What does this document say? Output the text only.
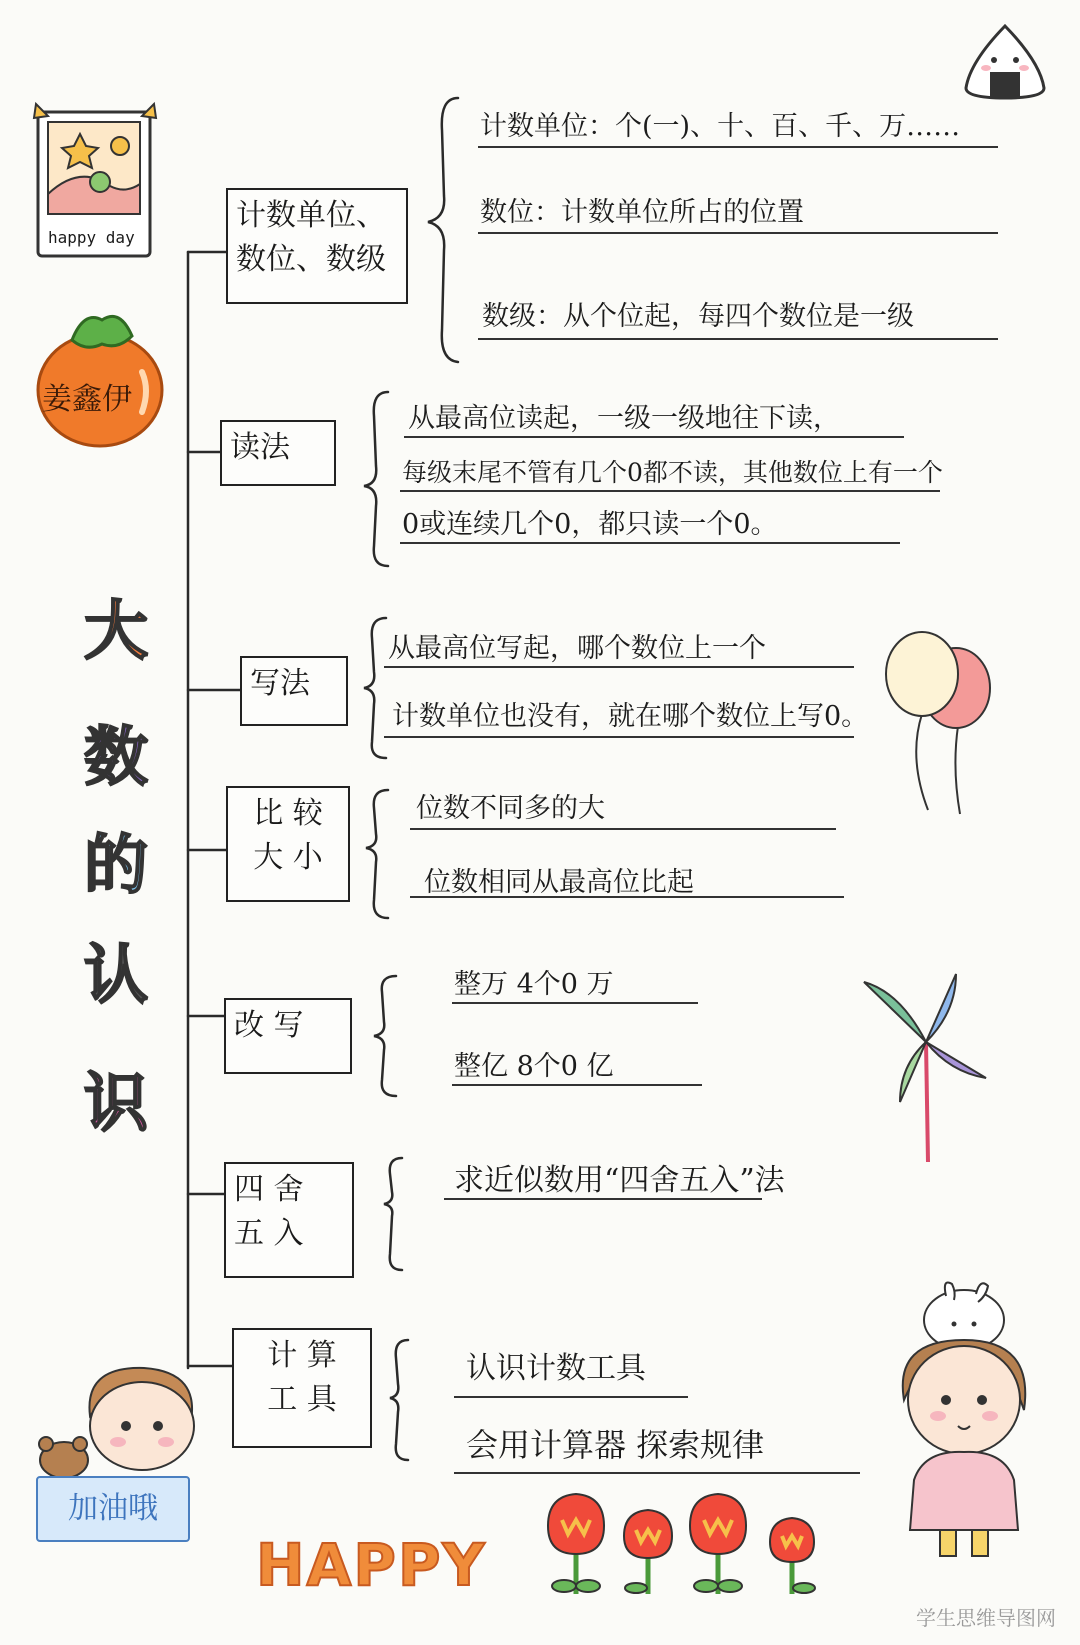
计数单位、
数位、数级
读法
写法
比 较
大 小
改 写
四 舍
五 入
计 算
工 具
计数单位：个(一)、十、百、千、万……
数位：计数单位所占的位置
数级：从个位起，每四个数位是一级
从最高位读起，一级一级地往下读，
每级末尾不管有几个0都不读，其他数位上有一个
0或连续几个0，都只读一个0。
从最高位写起，哪个数位上一个
计数单位也没有，就在哪个数位上写0。
位数不同多的大
位数相同从最高位比起
整万 4个0 万
整亿 8个0 亿
求近似数用“四舍五入”法
认识计数工具
会用计算器 探索规律
大
数
的
认
识
happy day
姜鑫伊
加油哦
HAPPY
学生思维导图网
